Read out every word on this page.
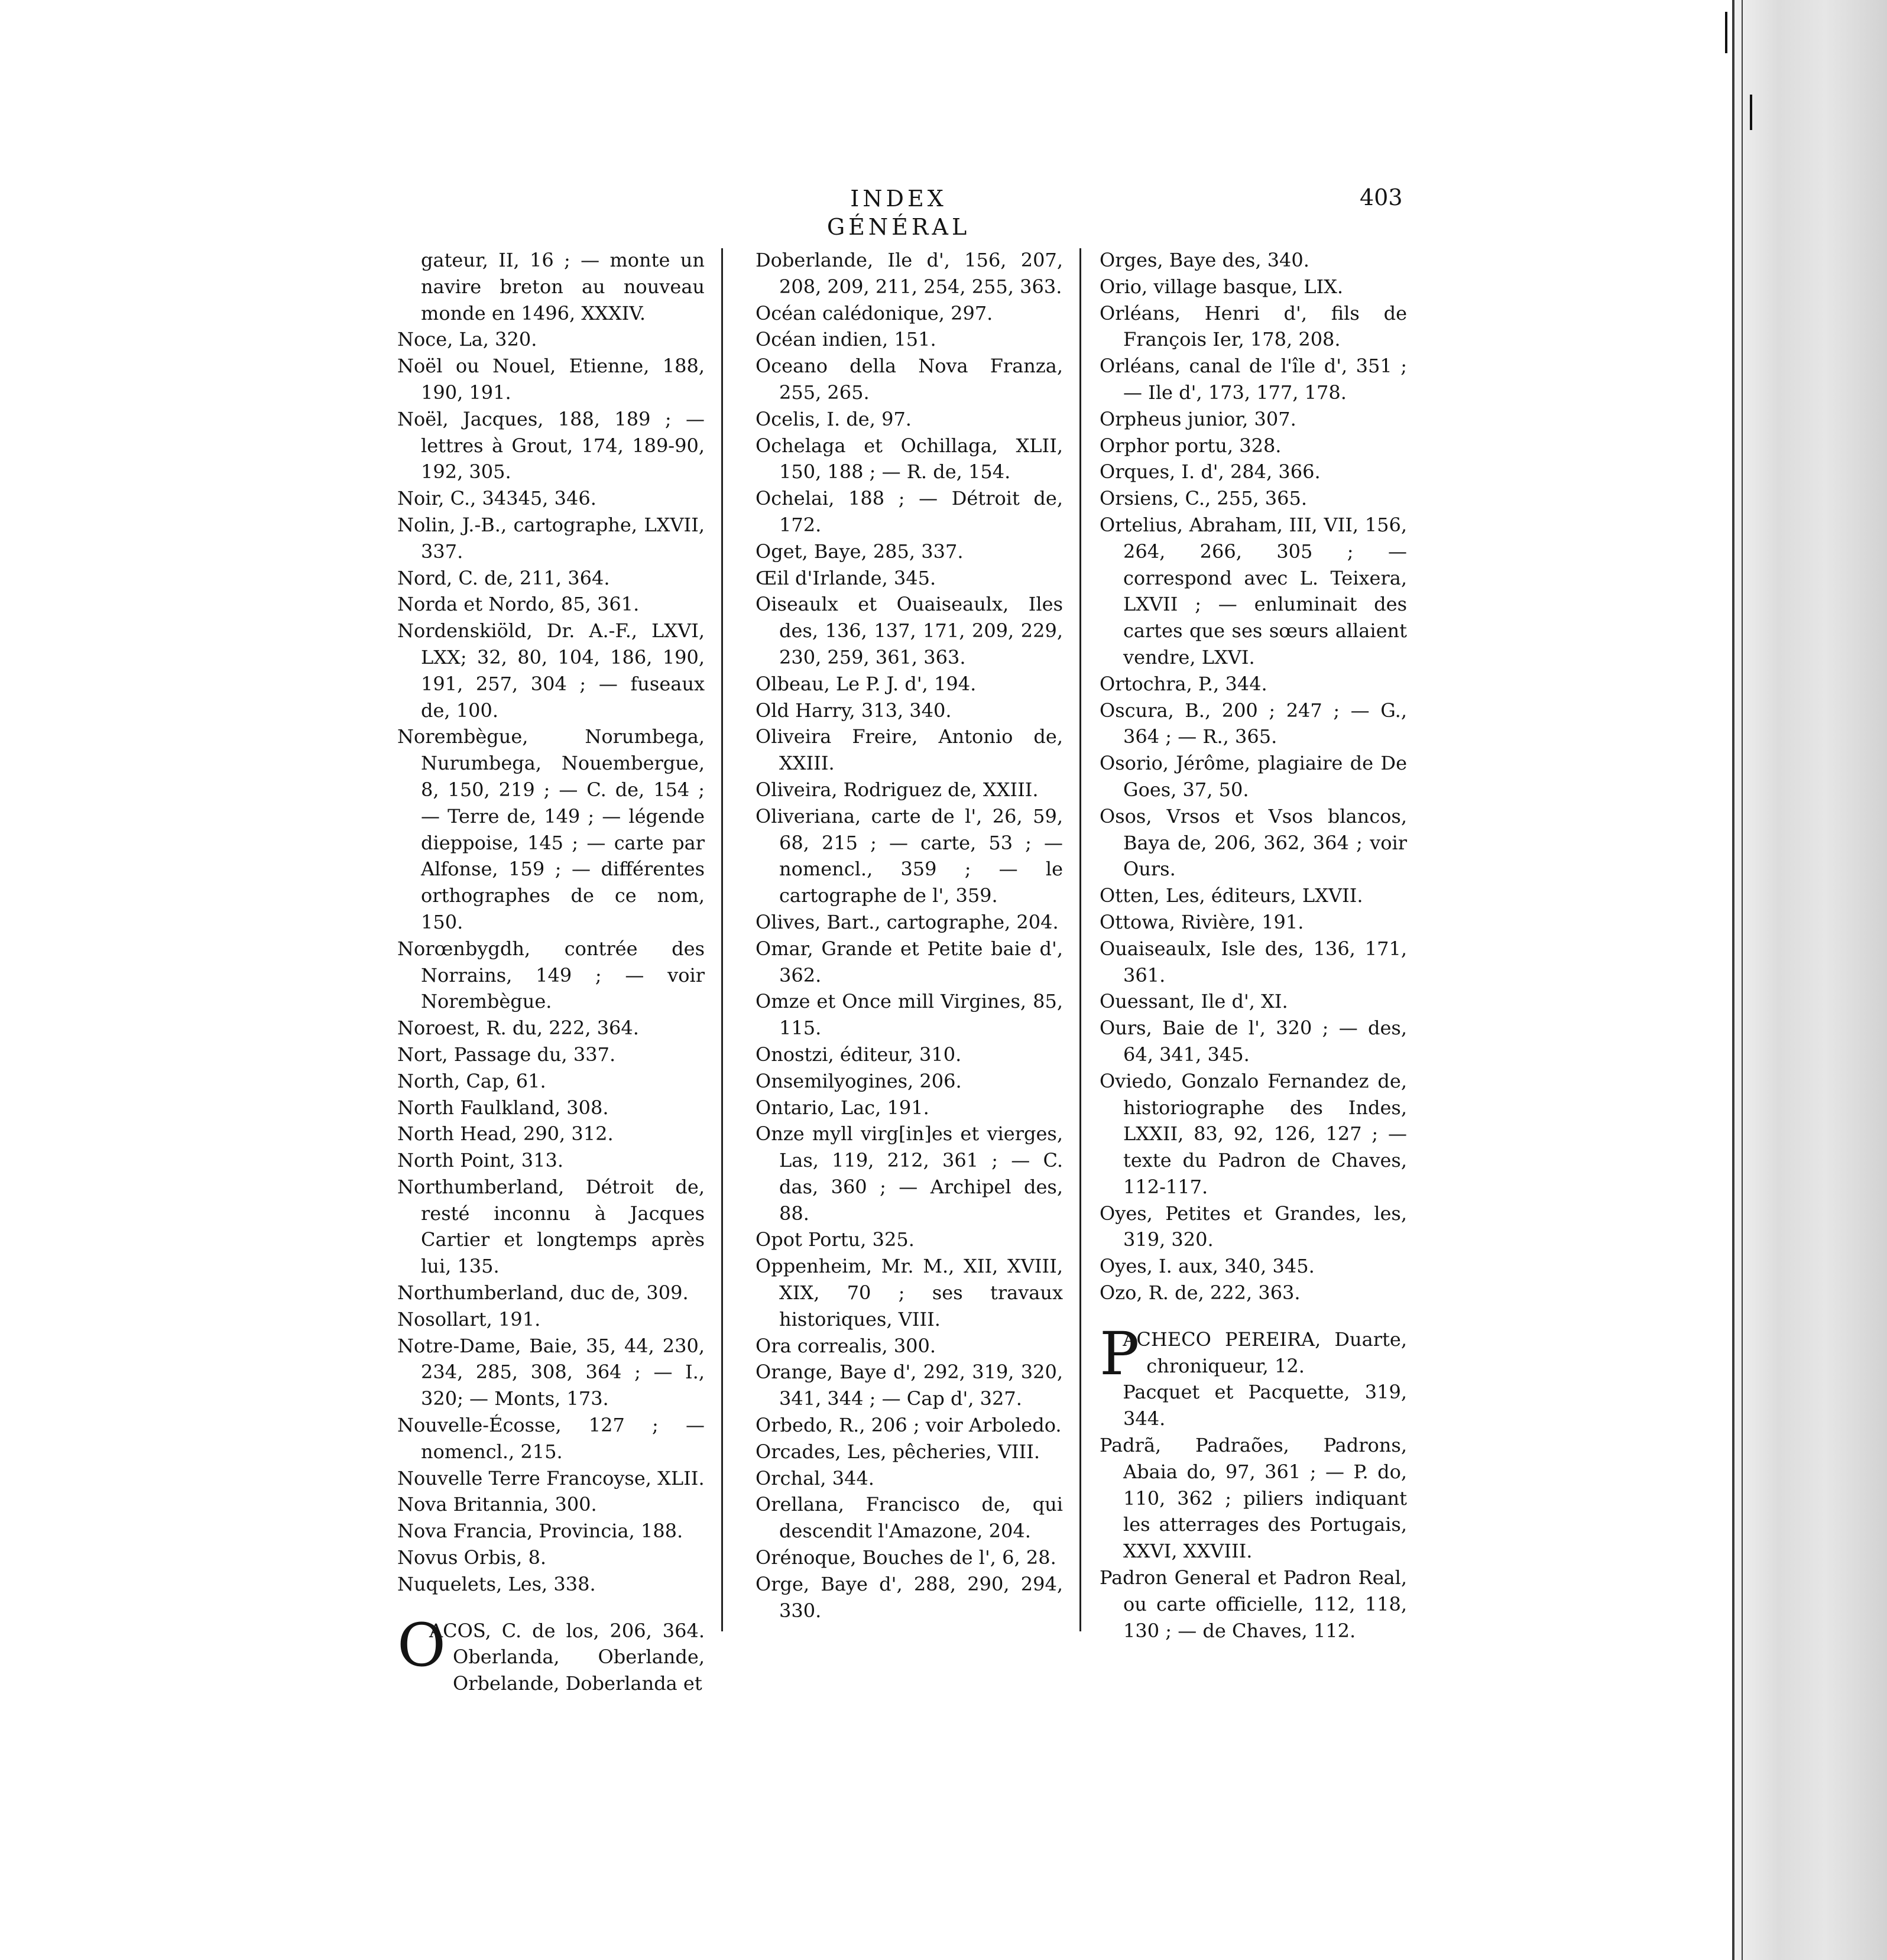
INDEX GÉNÉRAL
403

gateur, II, 16 ; — monte un navire breton au nouveau monde en 1496, XXXIV.

Noce, La, 320.

Noël ou Nouel, Etienne, 188, 190, 191.

Noël, Jacques, 188, 189 ; — lettres à Grout, 174, 189-90, 192, 305.

Noir, C., 34345, 346.

Nolin, J.-B., cartographe, LXVII, 337.

Nord, C. de, 211, 364.

Norda et Nordo, 85, 361.

Nordenskiöld, Dr. A.-F., LXVI, LXX; 32, 80, 104, 186, 190, 191, 257, 304 ; — fuseaux de, 100.

Norembègue, Norumbega, Nurumbega, Nouembergue, 8, 150, 219 ; — C. de, 154 ; — Terre de, 149 ; — légende dieppoise, 145 ; — carte par Alfonse, 159 ; — différentes orthographes de ce nom, 150.

Norœnbygdh, contrée des Norrains, 149 ; — voir Norembègue.

Noroest, R. du, 222, 364.

Nort, Passage du, 337.

North, Cap, 61.

North Faulkland, 308.

North Head, 290, 312.

North Point, 313.

Northumberland, Détroit de, resté inconnu à Jacques Cartier et longtemps après lui, 135.

Northumberland, duc de, 309.

Nosollart, 191.

Notre-Dame, Baie, 35, 44, 230, 234, 285, 308, 364 ; — I., 320; — Monts, 173.

Nouvelle-Écosse, 127 ; — nomencl., 215.

Nouvelle Terre Francoyse, XLII.

Nova Britannia, 300.

Nova Francia, Provincia, 188.

Novus Orbis, 8.

Nuquelets, Les, 338.

O
ACOS, C. de los, 206, 364. Oberlanda, Oberlande, Orbelande, Doberlanda et

Doberlande, Ile d', 156, 207, 208, 209, 211, 254, 255, 363.

Océan calédonique, 297.

Océan indien, 151.

Oceano della Nova Franza, 255, 265.

Ocelis, I. de, 97.

Ochelaga et Ochillaga, XLII, 150, 188 ; — R. de, 154.

Ochelai, 188 ; — Détroit de, 172.

Oget, Baye, 285, 337.

Œil d'Irlande, 345.

Oiseaulx et Ouaiseaulx, Iles des, 136, 137, 171, 209, 229, 230, 259, 361, 363.

Olbeau, Le P. J. d', 194.

Old Harry, 313, 340.

Oliveira Freire, Antonio de, XXIII.

Oliveira, Rodriguez de, XXIII.

Oliveriana, carte de l', 26, 59, 68, 215 ; — carte, 53 ; — nomencl., 359 ; — le cartographe de l', 359.

Olives, Bart., cartographe, 204.

Omar, Grande et Petite baie d', 362.

Omze et Once mill Virgines, 85, 115.

Onostzi, éditeur, 310.

Onsemilyogines, 206.

Ontario, Lac, 191.

Onze myll virg[in]es et vierges, Las, 119, 212, 361 ; — C. das, 360 ; — Archipel des, 88.

Opot Portu, 325.

Oppenheim, Mr. M., XII, XVIII, XIX, 70 ; ses travaux historiques, VIII.

Ora correalis, 300.

Orange, Baye d', 292, 319, 320, 341, 344 ; — Cap d', 327.

Orbedo, R., 206 ; voir Arboledo.

Orcades, Les, pêcheries, VIII.

Orchal, 344.

Orellana, Francisco de, qui descendit l'Amazone, 204.

Orénoque, Bouches de l', 6, 28.

Orge, Baye d', 288, 290, 294, 330.

Orges, Baye des, 340.

Orio, village basque, LIX.

Orléans, Henri d', fils de François Ier, 178, 208.

Orléans, canal de l'île d', 351 ; — Ile d', 173, 177, 178.

Orpheus junior, 307.

Orphor portu, 328.

Orques, I. d', 284, 366.

Orsiens, C., 255, 365.

Ortelius, Abraham, III, VII, 156, 264, 266, 305 ; — correspond avec L. Teixera, LXVII ; — enluminait des cartes que ses sœurs allaient vendre, LXVI.

Ortochra, P., 344.

Oscura, B., 200 ; 247 ; — G., 364 ; — R., 365.

Osorio, Jérôme, plagiaire de De Goes, 37, 50.

Osos, Vrsos et Vsos blancos, Baya de, 206, 362, 364 ; voir Ours.

Otten, Les, éditeurs, LXVII.

Ottowa, Rivière, 191.

Ouaiseaulx, Isle des, 136, 171, 361.

Ouessant, Ile d', XI.

Ours, Baie de l', 320 ; — des, 64, 341, 345.

Oviedo, Gonzalo Fernandez de, historiographe des Indes, LXXII, 83, 92, 126, 127 ; — texte du Padron de Chaves, 112-117.

Oyes, Petites et Grandes, les, 319, 320.

Oyes, I. aux, 340, 345.

Ozo, R. de, 222, 363.

P
ACHECO PEREIRA, Duarte, chroniqueur, 12.

Pacquet et Pacquette, 319, 344.

Padrã, Padraões, Padrons, Abaia do, 97, 361 ; — P. do, 110, 362 ; piliers indiquant les atterrages des Portugais, XXVI, XXVIII.

Padron General et Padron Real, ou carte officielle, 112, 118, 130 ; — de Chaves, 112.
